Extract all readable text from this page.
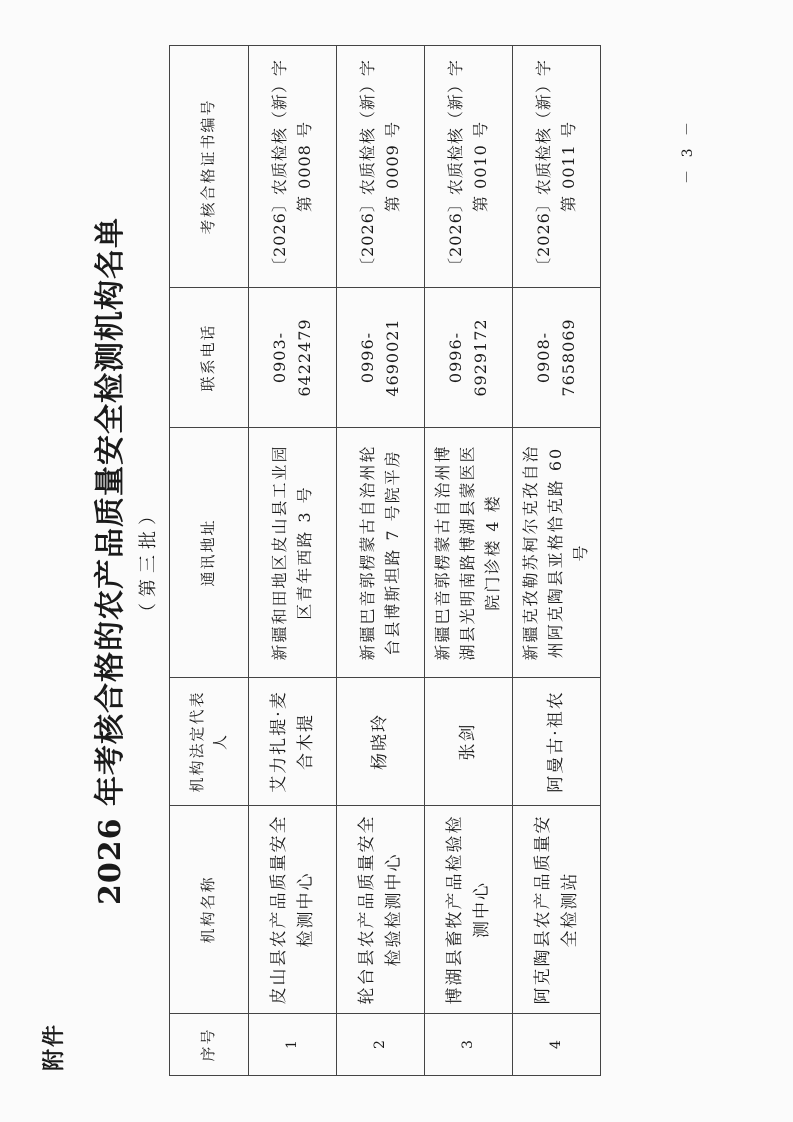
附件
2026 年考核合格的农产品质量安全检测机构名单 （第三批）
序号	机构名称	机构法定代表人	通讯地址	联系电话	考核合格证书编号
1	皮山县农产品质量安全检测中心	艾力扎提·麦合木提	新疆和田地区皮山县工业园区青年西路 3 号	0903-6422479	〔2026〕农质检核（新）字第 0008 号
2	轮台县农产品质量安全检验检测中心	杨晓玲	新疆巴音郭楞蒙古自治州轮台县博斯坦路 7 号院平房	0996-4690021	〔2026〕农质检核（新）字第 0009 号
3	博湖县畜牧产品检验检测中心	张剑	新疆巴音郭楞蒙古自治州博湖县光明南路博湖县蒙医医院门诊楼 4 楼	0996-6929172	〔2026〕农质检核（新）字第 0010 号
4	阿克陶县农产品质量安全检测站	阿曼古·祖农	新疆克孜勒苏柯尔克孜自治州阿克陶县亚格恰克路 60 号	0908-7658069	〔2026〕农质检核（新）字第 0011 号	－ 3 －
